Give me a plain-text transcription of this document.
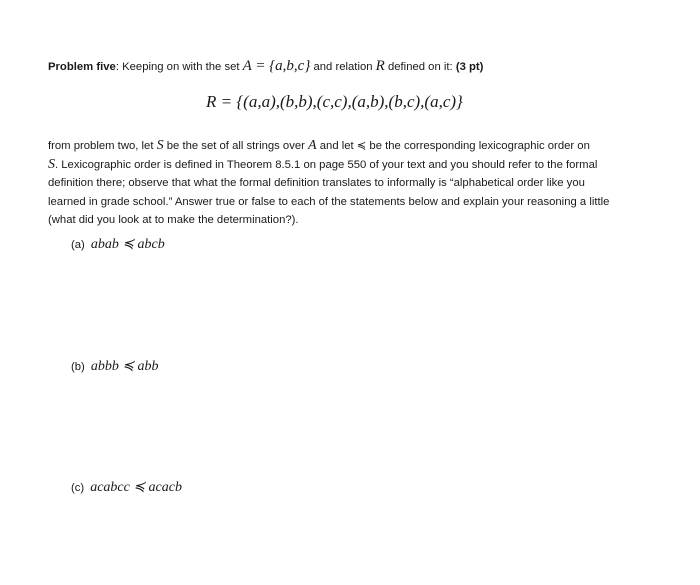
Problem five: Keeping on with the set A = {a,b,c} and relation R defined on it: (3 pt)
R = {(a,a),(b,b),(c,c),(a,b),(b,c),(a,c)}
from problem two, let S be the set of all strings over A and let ≼ be the corresponding lexicographic order on
S. Lexicographic order is defined in Theorem 8.5.1 on page 550 of your text and you should refer to the formal
definition there; observe that what the formal definition translates to informally is “alphabetical order like you
learned in grade school.” Answer true or false to each of the statements below and explain your reasoning a little
(what did you look at to make the determination?).
(a) abab ≼ abcb
(b) abbb ≼ abb
(c) acabcc ≼ acacb
